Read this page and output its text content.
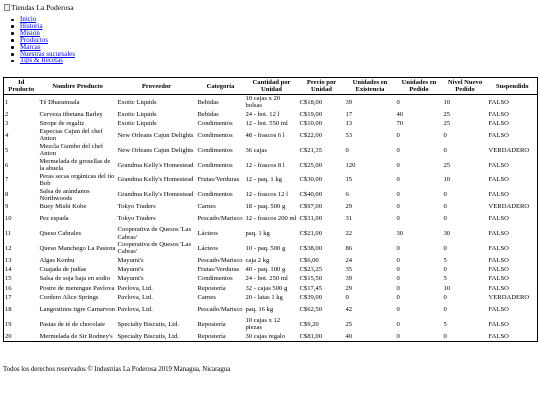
Tiendas La Poderosa
Inicio
Historia
Misión
Productos
Marcas
Nuestras sucursales
Tips & Recetas
Id Producto	Nombre Producto	Proveedor	Categoría	Cantidad por Unidad	Precio por Unidad	Unidades en Existencia	Unidades en Pedido	Nivel Nuevo Pedido	Suspendido
1	Té Dharamsala	Exotic Liquids	Bebidas	10 cajas x 20 bolsas	C$18,00	39	0	10	FALSO
2	Cerveza tibetana Barley	Exotic Liquids	Bebidas	24 - bot. 12 l	C$19,00	17	40	25	FALSO
3	Sirope de regaliz	Exotic Liquids	Condimentos	12 - bot. 550 ml	C$10,00	13	70	25	FALSO
4	Especias Cajun del chef Anton	New Orleans Cajun Delights	Condimentos	48 - frascos 6 l	C$22,00	53	0	0	FALSO
5	Mezcla Gumbo del chef Anton	New Orleans Cajun Delights	Condimentos	36 cajas	C$21,35	0	0	0	VERDADERO
6	Mermelada de grosellas de la abuela	Grandma Kelly's Homestead	Condimentos	12 - frascos 8 l	C$25,00	120	0	25	FALSO
7	Peras secas orgánicas del tío Bob	Grandma Kelly's Homestead	Frutas/Verduras	12 - paq. 1 kg	C$30,00	15	0	10	FALSO
8	Salsa de arándanos Northwoods	Grandma Kelly's Homestead	Condimentos	12 - frascos 12 l	C$40,00	6	0	0	FALSO
9	Buey Mishi Kobe	Tokyo Traders	Carnes	18 - paq. 500 g	C$97,00	29	0	0	VERDADERO
10	Pez espada	Tokyo Traders	Pescado/Marisco	12 - frascos 200 ml	C$31,00	31	0	0	FALSO
11	Queso Cabrales	Cooperativa de Quesos 'Las Cabras'	Lácteos	paq. 1 kg	C$21,00	22	30	30	FALSO
12	Queso Manchego La Pastora	Cooperativa de Quesos 'Las Cabras'	Lácteos	10 - paq. 500 g	C$38,00	86	0	0	FALSO
13	Algas Konbu	Mayumi's	Pescado/Marisco	caja 2 kg	C$6,00	24	0	5	FALSO
14	Cuajada de judías	Mayumi's	Frutas/Verduras	40 - paq. 100 g	C$23,25	35	0	0	FALSO
15	Salsa de soja baja en sodio	Mayumi's	Condimentos	24 - bot. 250 ml	C$15,50	39	0	5	FALSO
16	Postre de merengue Pavlova	Pavlova, Ltd.	Repostería	32 - cajas 500 g	C$17,45	29	0	10	FALSO
17	Cordero Alice Springs	Pavlova, Ltd.	Carnes	20 - latas 1 kg	C$39,00	0	0	0	VERDADERO
18	Langostinos tigre Carnarvon	Pavlova, Ltd.	Pescado/Marisco	paq. 16 kg	C$62,50	42	0	0	FALSO
19	Pastas de té de chocolate	Specialty Biscuits, Ltd.	Repostería	10 cajas x 12 piezas	C$9,20	25	0	5	FALSO
20	Mermelada de Sir Rodney's	Specialty Biscuits, Ltd.	Repostería	30 cajas regalo	C$81,00	40	0	0	FALSO
Todos los derechos reservados © Industrias La Poderosa 2019 Managua, Nicaragua
